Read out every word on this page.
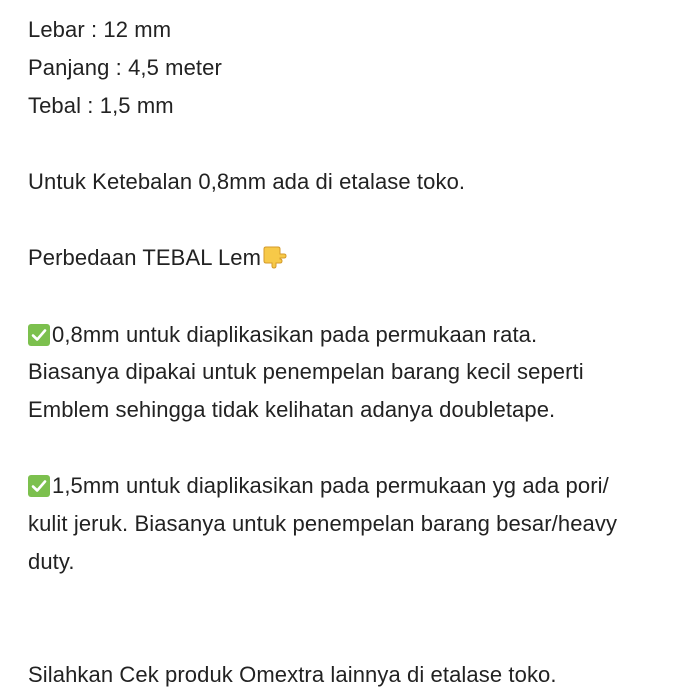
Lebar : 12 mm
Panjang : 4,5 meter
Tebal : 1,5 mm
Untuk Ketebalan 0,8mm ada di etalase toko.
Perbedaan TEBAL Lem
0,8mm untuk diaplikasikan pada permukaan rata.
Biasanya dipakai untuk penempelan barang kecil seperti
Emblem sehingga tidak kelihatan adanya doubletape.
1,5mm untuk diaplikasikan pada permukaan yg ada pori/
kulit jeruk. Biasanya untuk penempelan barang besar/heavy
duty.
Silahkan Cek produk Omextra lainnya di etalase toko.
